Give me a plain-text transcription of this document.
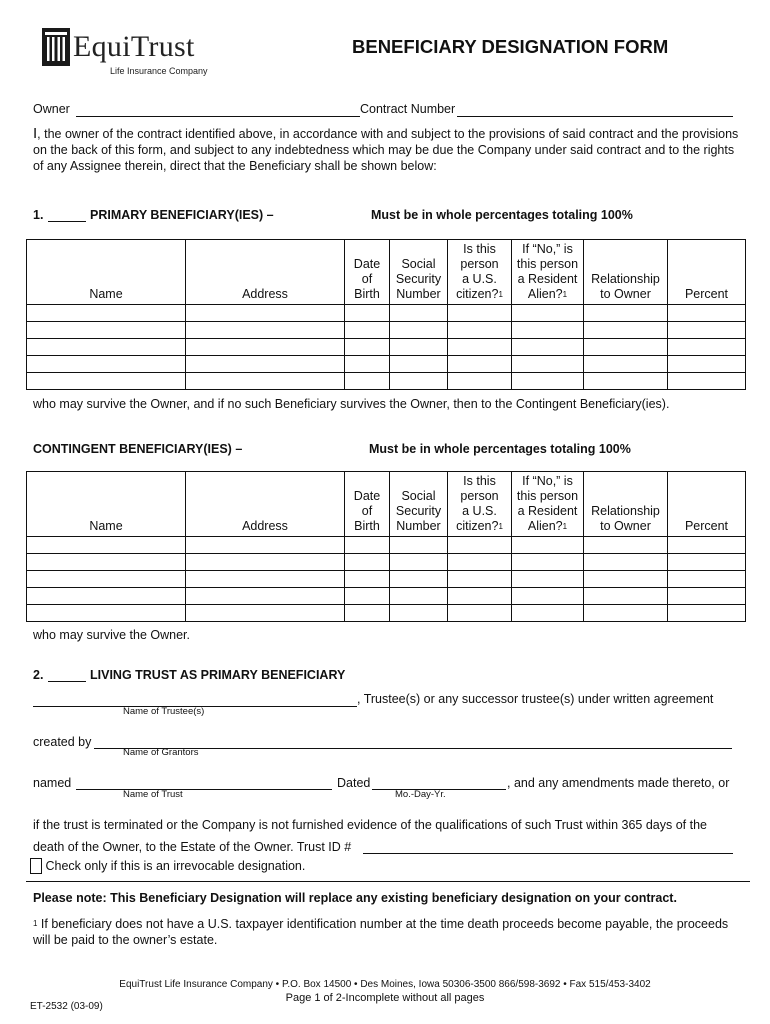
EquiTrust
Life Insurance Company
BENEFICIARY DESIGNATION FORM
Owner	Contract Number
I, the owner of the contract identified above, in accordance with and subject to the provisions of said contract and the provisions on the back of this form, and subject to any indebtedness which may be due the Company under said contract and to the rights of any Assignee therein, direct that the Beneficiary shall be shown below:
1.	PRIMARY BENEFICIARY(IES) –	Must be in whole percentages totaling 100%
Name	Address	Date
of
Birth	Social
Security
Number	Is this
person
a U.S.
citizen?$^1$	If “No,” is
this person
a Resident
Alien?$^1$	Relationship
to Owner	Percent

who may survive the Owner, and if no such Beneficiary survives the Owner, then to the Contingent Beneficiary(ies).
CONTINGENT BENEFICIARY(IES) –	Must be in whole percentages totaling 100%
Name	Address	Date
of
Birth	Social
Security
Number	Is this
person
a U.S.
citizen?$^1$	If “No,” is
this person
a Resident
Alien?$^1$	Relationship
to Owner	Percent

who may survive the Owner.
2.	LIVING TRUST AS PRIMARY BENEFICIARY
, Trustee(s) or any successor trustee(s) under written agreement
Name of Trustee(s)
created by
Name of Grantors
named	Dated	, and any amendments made thereto, or
Name of Trust	Mo.-Day-Yr.
if the trust is terminated or the Company is not furnished evidence of the qualifications of such Trust within 365 days of the
death of the Owner, to the Estate of the Owner. Trust ID #
Check only if this is an irrevocable designation.
Please note: This Beneficiary Designation will replace any existing beneficiary designation on your contract.
$^1$ If beneficiary does not have a U.S. taxpayer identification number at the time death proceeds become payable, the proceeds will be paid to the owner’s estate.
EquiTrust Life Insurance Company • P.O. Box 14500 • Des Moines, Iowa 50306-3500 866/598-3692 • Fax 515/453-3402
Page 1 of 2-Incomplete without all pages
ET-2532 (03-09)
